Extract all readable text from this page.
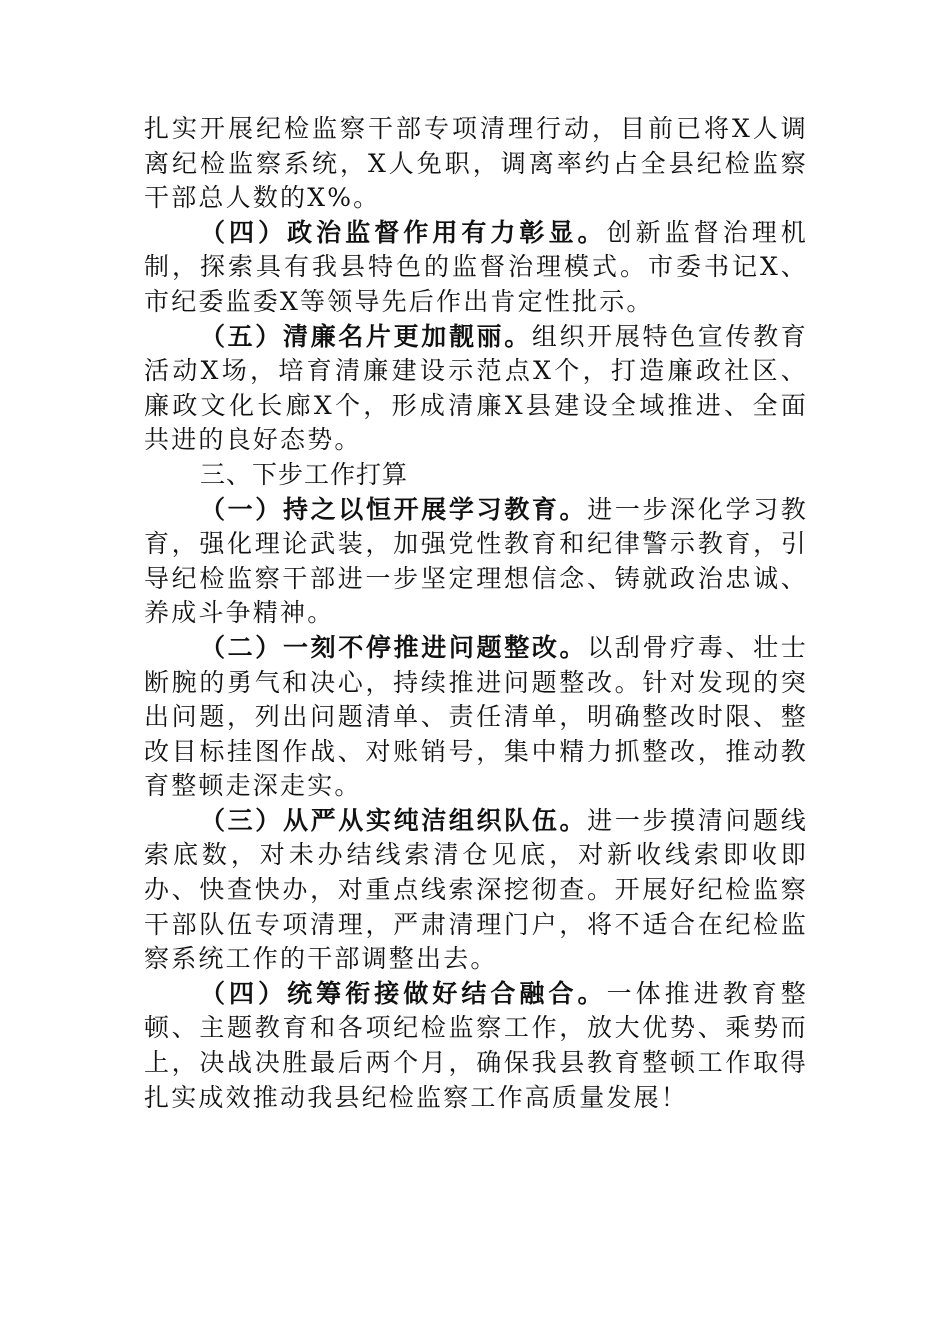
扎实开展纪检监察干部专项清理行动，目前已将X人调离纪检监察系统，X人免职，调离率约占全县纪检监察干部总人数的X%。

（四）政治监督作用有力彰显。创新监督治理机制，探索具有我县特色的监督治理模式。市委书记X、市纪委监委X等领导先后作出肯定性批示。

（五）清廉名片更加靓丽。组织开展特色宣传教育活动X场，培育清廉建设示范点X个，打造廉政社区、廉政文化长廊X个，形成清廉X县建设全域推进、全面共进的良好态势。

三、下步工作打算

（一）持之以恒开展学习教育。进一步深化学习教育，强化理论武装，加强党性教育和纪律警示教育，引导纪检监察干部进一步坚定理想信念、铸就政治忠诚、养成斗争精神。

（二）一刻不停推进问题整改。以刮骨疗毒、壮士断腕的勇气和决心，持续推进问题整改。针对发现的突出问题，列出问题清单、责任清单，明确整改时限、整改目标挂图作战、对账销号，集中精力抓整改，推动教育整顿走深走实。

（三）从严从实纯洁组织队伍。进一步摸清问题线索底数，对未办结线索清仓见底，对新收线索即收即办、快查快办，对重点线索深挖彻查。开展好纪检监察干部队伍专项清理，严肃清理门户，将不适合在纪检监察系统工作的干部调整出去。

（四）统筹衔接做好结合融合。一体推进教育整顿、主题教育和各项纪检监察工作，放大优势、乘势而上，决战决胜最后两个月，确保我县教育整顿工作取得扎实成效推动我县纪检监察工作高质量发展！
